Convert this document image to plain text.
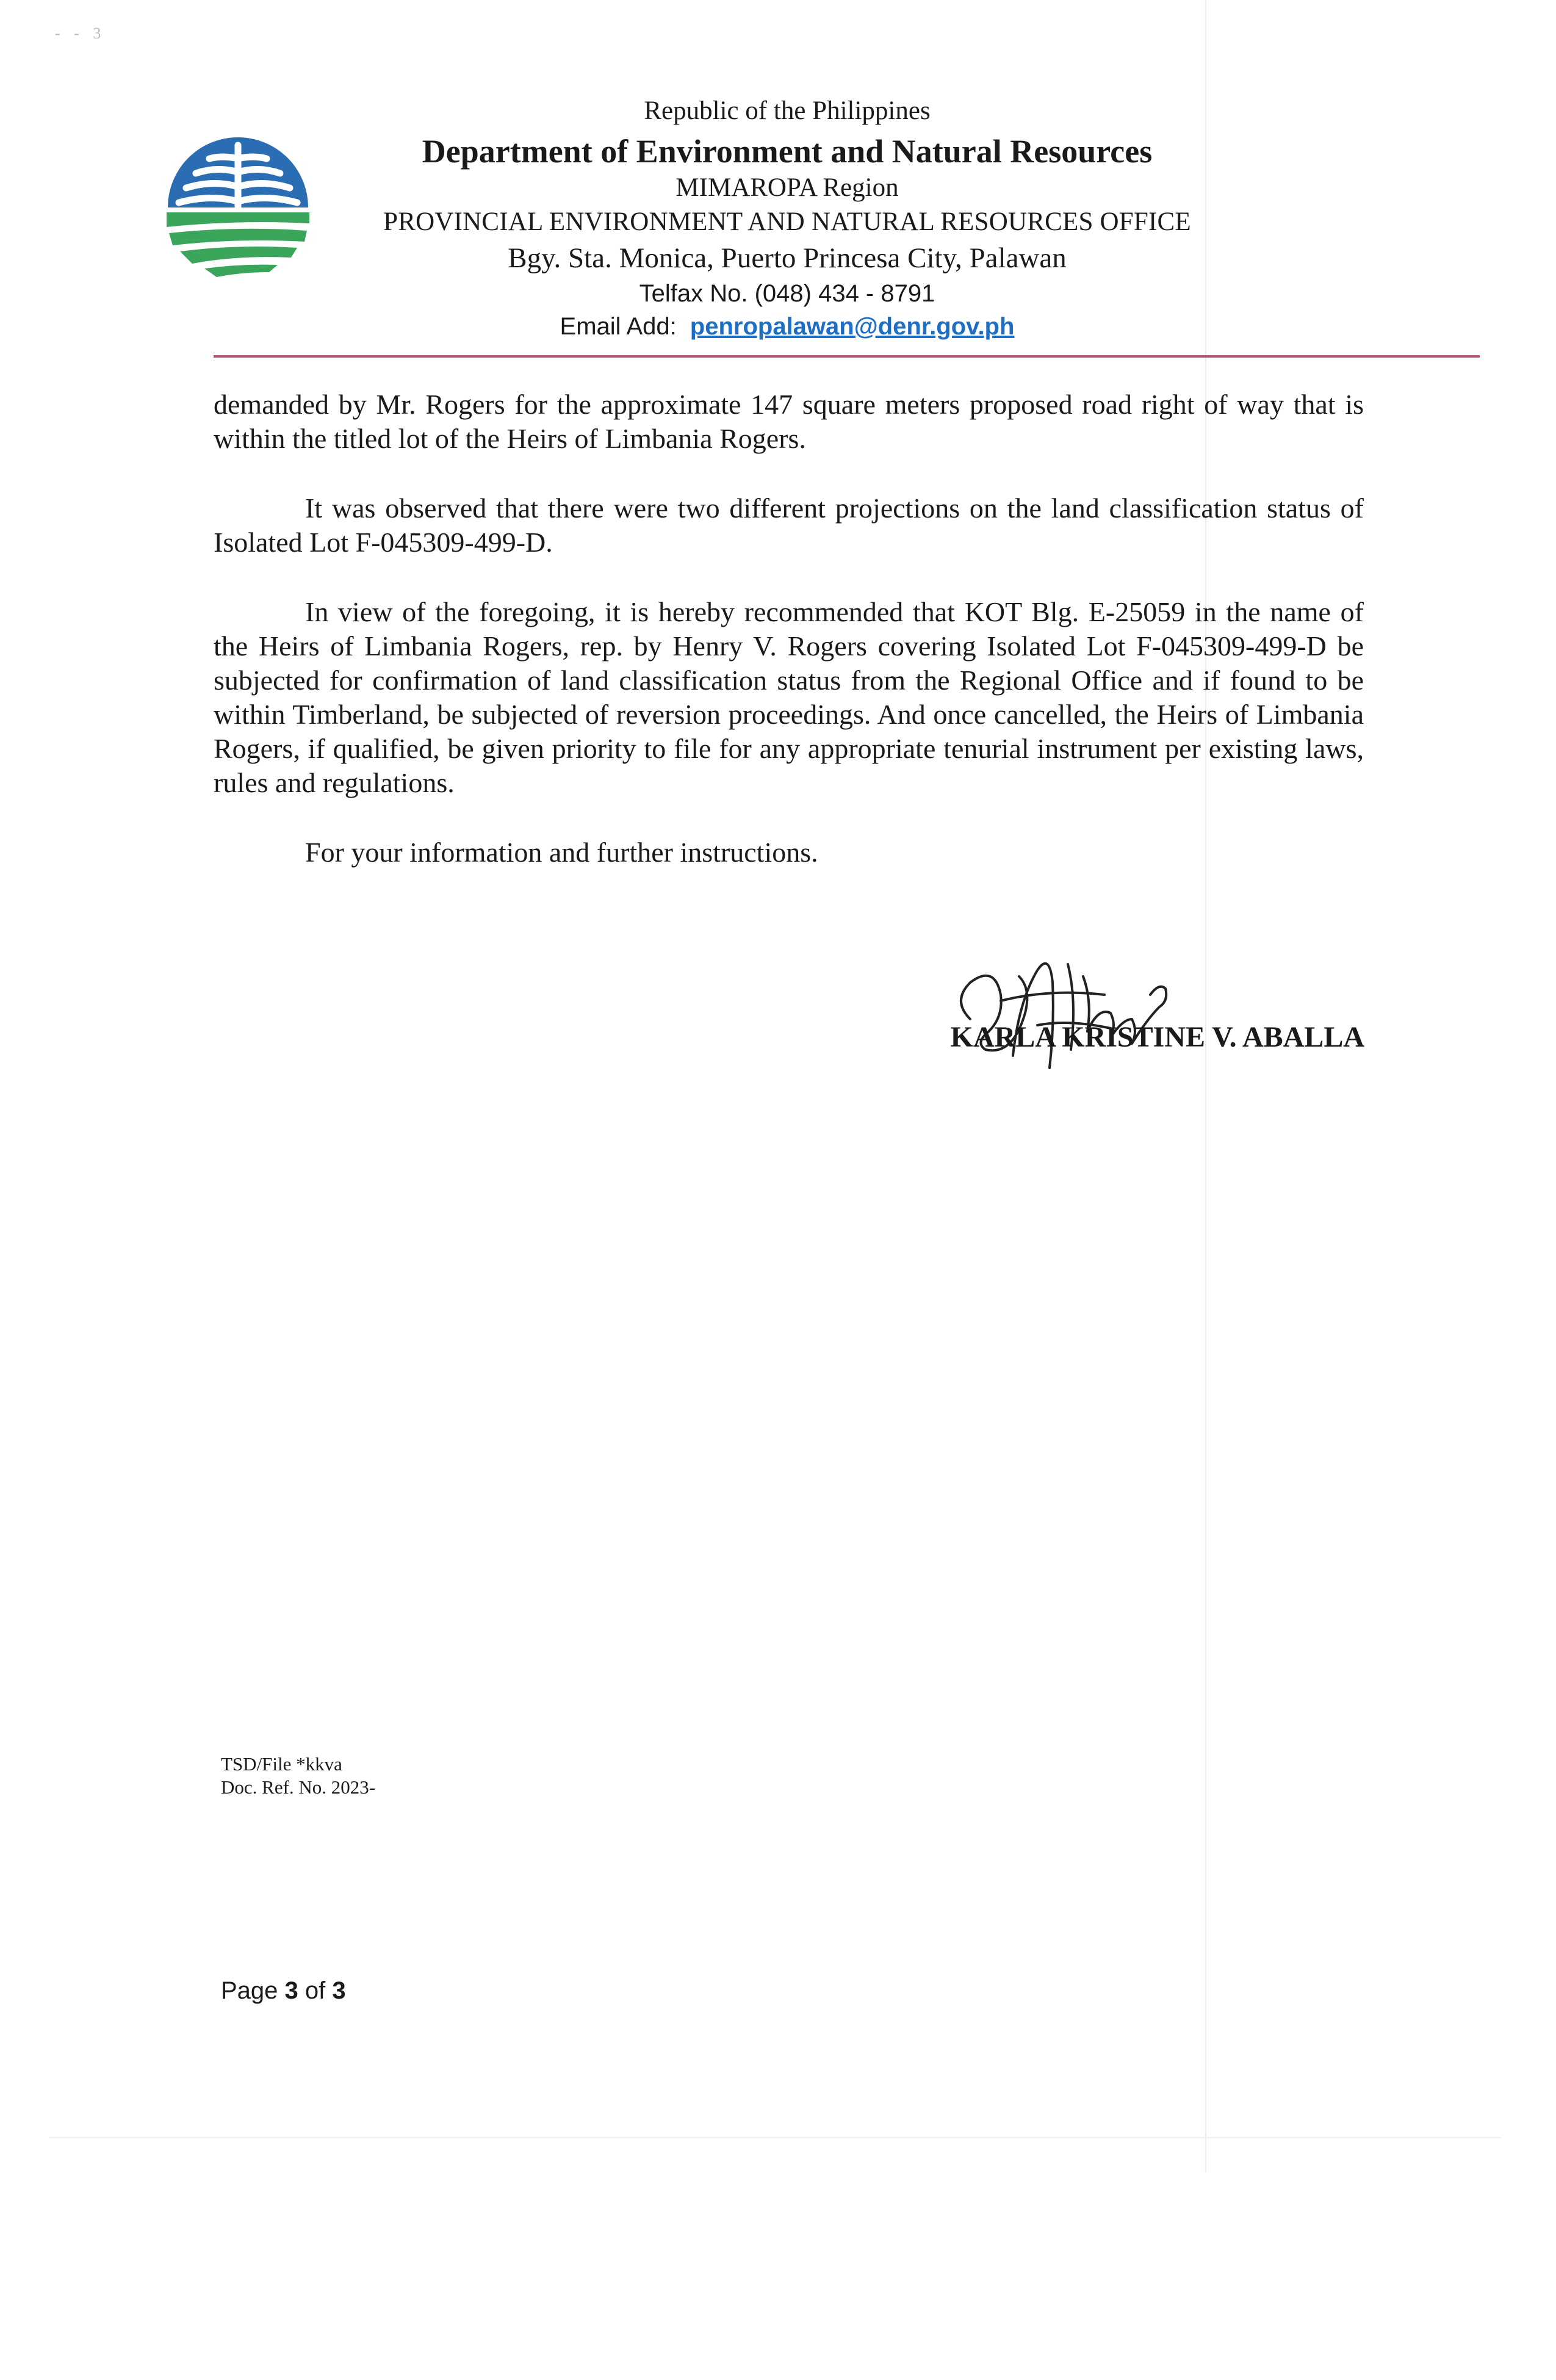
- - 3
Republic of the Philippines
Department of Environment and Natural Resources
MIMAROPA Region
PROVINCIAL ENVIRONMENT AND NATURAL RESOURCES OFFICE
Bgy. Sta. Monica, Puerto Princesa City, Palawan
Telfax No. (048) 434 - 8791
Email Add: penropalawan@denr.gov.ph

demanded by Mr. Rogers for the approximate 147 square meters proposed road right of way that is within the titled lot of the Heirs of Limbania Rogers.

It was observed that there were two different projections on the land classification status of Isolated Lot F-045309-499-D.

In view of the foregoing, it is hereby recommended that KOT Blg. E-25059 in the name of the Heirs of Limbania Rogers, rep. by Henry V. Rogers covering Isolated Lot F-045309-499-D be subjected for confirmation of land classification status from the Regional Office and if found to be within Timberland, be subjected of reversion proceedings. And once cancelled, the Heirs of Limbania Rogers, if qualified, be given priority to file for any appropriate tenurial instrument per existing laws, rules and regulations.

For your information and further instructions.

KARLA KRISTINE V. ABALLA
TSD/File *kkva
Doc. Ref. No. 2023-
Page 3 of 3
